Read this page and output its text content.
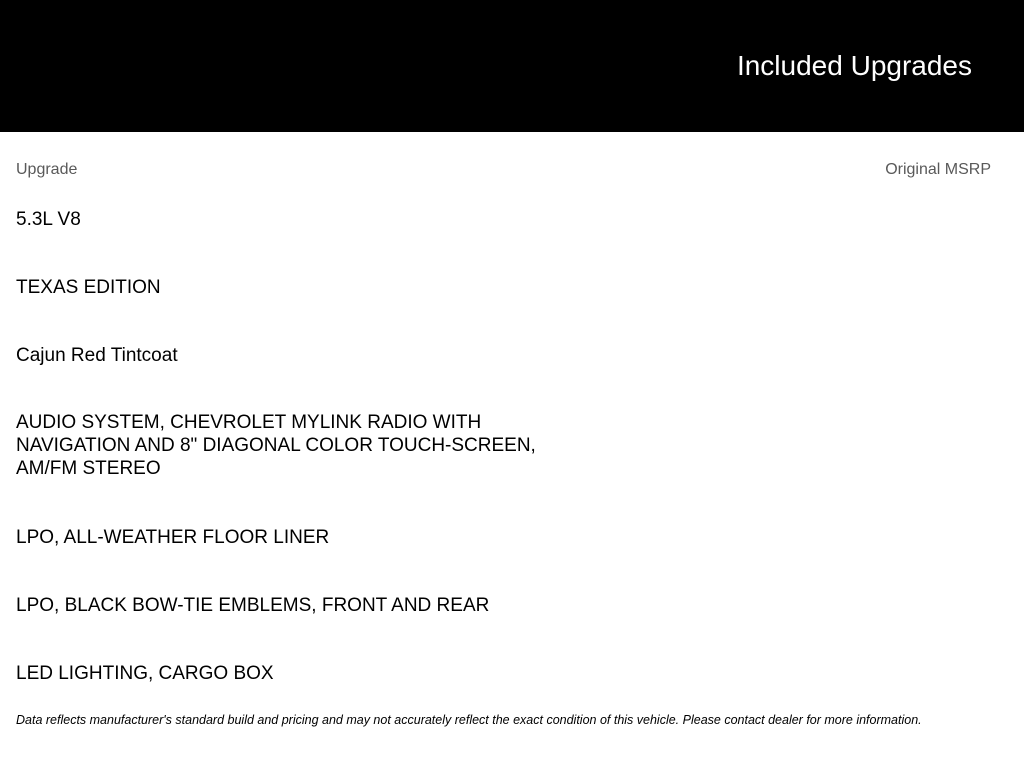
Included Upgrades
Upgrade	Original MSRP
5.3L V8
TEXAS EDITION
Cajun Red Tintcoat
AUDIO SYSTEM, CHEVROLET MYLINK RADIO WITH NAVIGATION AND 8" DIAGONAL COLOR TOUCH-SCREEN, AM/FM STEREO
LPO, ALL-WEATHER FLOOR LINER
LPO, BLACK BOW-TIE EMBLEMS, FRONT AND REAR
LED LIGHTING, CARGO BOX
Data reflects manufacturer's standard build and pricing and may not accurately reflect the exact condition of this vehicle. Please contact dealer for more information.
